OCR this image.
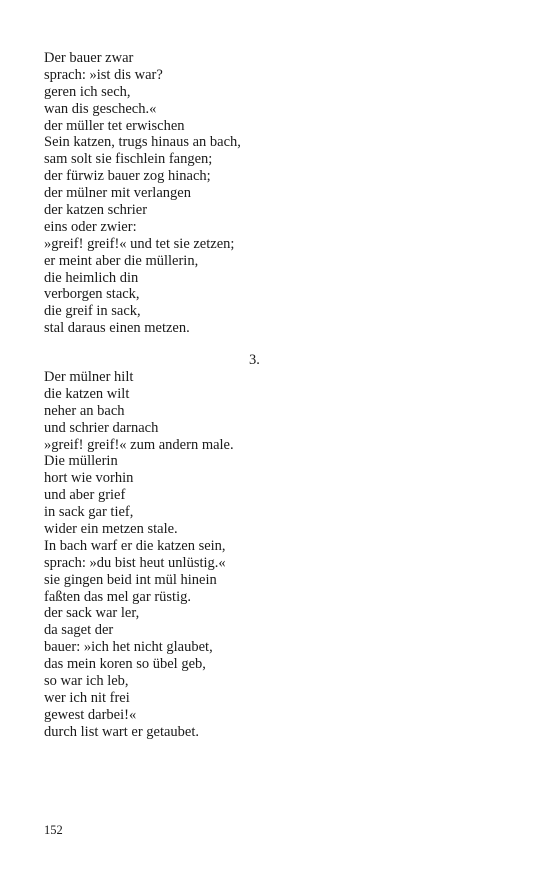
Der bauer zwar
sprach: »ist dis war?
geren ich sech,
wan dis geschech.«
der müller tet erwischen
Sein katzen, trugs hinaus an bach,
sam solt sie fischlein fangen;
der fürwiz bauer zog hinach;
der mülner mit verlangen
der katzen schrier
eins oder zwier:
»greif! greif!« und tet sie zetzen;
er meint aber die müllerin,
die heimlich din
verborgen stack,
die greif in sack,
stal daraus einen metzen.
3.
Der mülner hilt
die katzen wilt
neher an bach
und schrier darnach
»greif! greif!« zum andern male.
Die müllerin
hort wie vorhin
und aber grief
in sack gar tief,
wider ein metzen stale.
In bach warf er die katzen sein,
sprach: »du bist heut unlüstig.«
sie gingen beid int mül hinein
faßten das mel gar rüstig.
der sack war ler,
da saget der
bauer: »ich het nicht glaubet,
das mein koren so übel geb,
so war ich leb,
wer ich nit frei
gewest darbei!«
durch list wart er getaubet.
152
